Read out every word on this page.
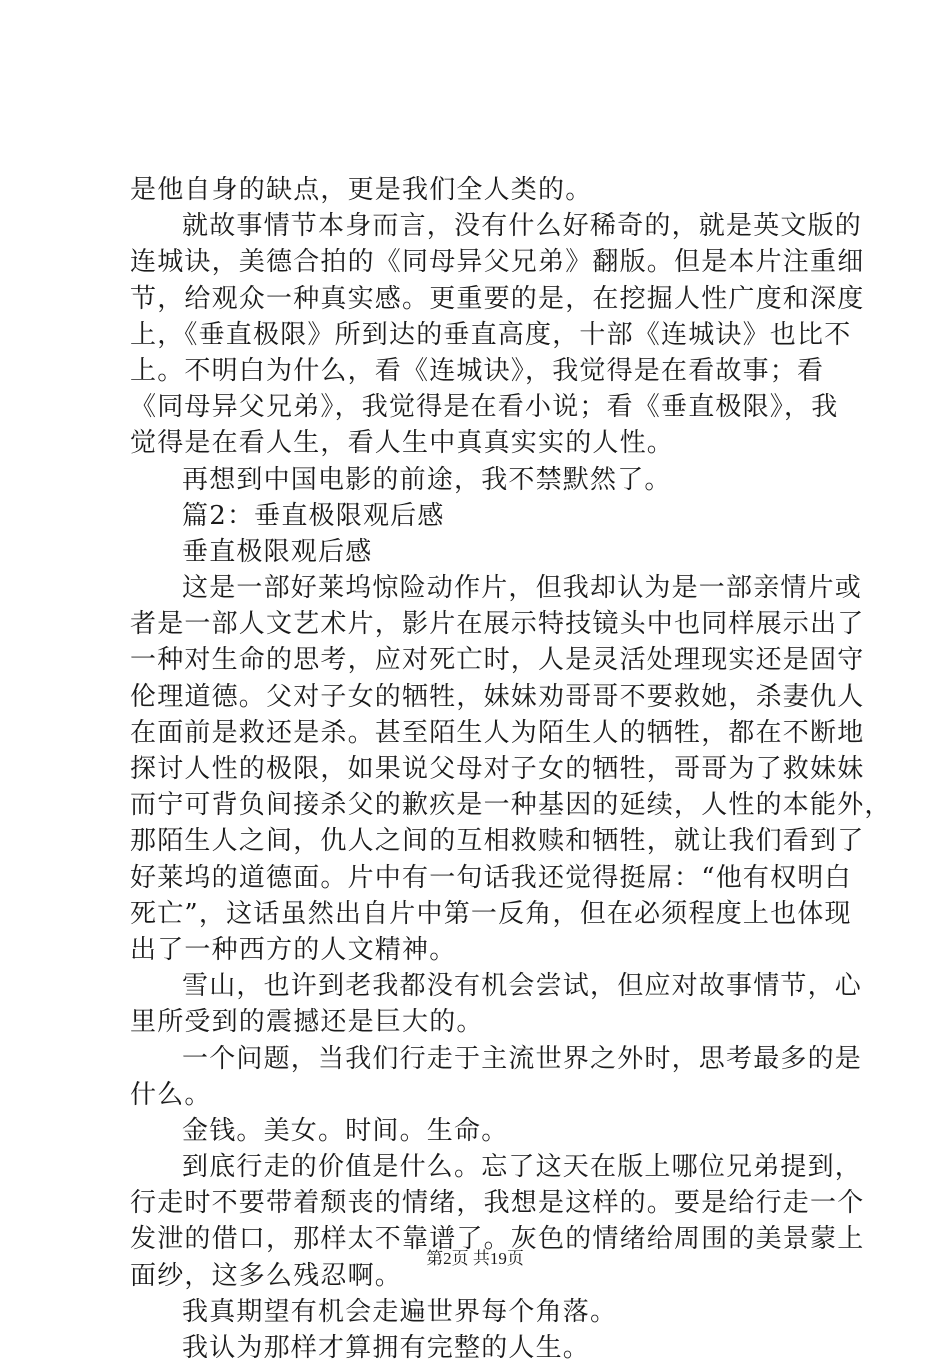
是他自身的缺点，更是我们全人类的。
就故事情节本身而言，没有什么好稀奇的，就是英文版的
连城诀，美德合拍的《同母异父兄弟》翻版。但是本片注重细
节，给观众一种真实感。更重要的是，在挖掘人性广度和深度
上，《垂直极限》所到达的垂直高度，十部《连城诀》也比不
上。不明白为什么，看《连城诀》，我觉得是在看故事；看
《同母异父兄弟》，我觉得是在看小说；看《垂直极限》，我
觉得是在看人生，看人生中真真实实的人性。
再想到中国电影的前途，我不禁默然了。
篇2：垂直极限观后感
垂直极限观后感
这是一部好莱坞惊险动作片，但我却认为是一部亲情片或
者是一部人文艺术片，影片在展示特技镜头中也同样展示出了
一种对生命的思考，应对死亡时，人是灵活处理现实还是固守
伦理道德。父对子女的牺牲，妹妹劝哥哥不要救她，杀妻仇人
在面前是救还是杀。甚至陌生人为陌生人的牺牲，都在不断地
探讨人性的极限，如果说父母对子女的牺牲，哥哥为了救妹妹
而宁可背负间接杀父的歉疚是一种基因的延续，人性的本能外，
那陌生人之间，仇人之间的互相救赎和牺牲，就让我们看到了
好莱坞的道德面。片中有一句话我还觉得挺屌：“他有权明白
死亡”，这话虽然出自片中第一反角，但在必须程度上也体现
出了一种西方的人文精神。
雪山，也许到老我都没有机会尝试，但应对故事情节，心
里所受到的震撼还是巨大的。
一个问题，当我们行走于主流世界之外时，思考最多的是
什么。
金钱。美女。时间。生命。
到底行走的价值是什么。忘了这天在版上哪位兄弟提到，
行走时不要带着颓丧的情绪，我想是这样的。要是给行走一个
发泄的借口，那样太不靠谱了。灰色的情绪给周围的美景蒙上
面纱，这多么残忍啊。
我真期望有机会走遍世界每个角落。
我认为那样才算拥有完整的人生。
第2页 共19页
